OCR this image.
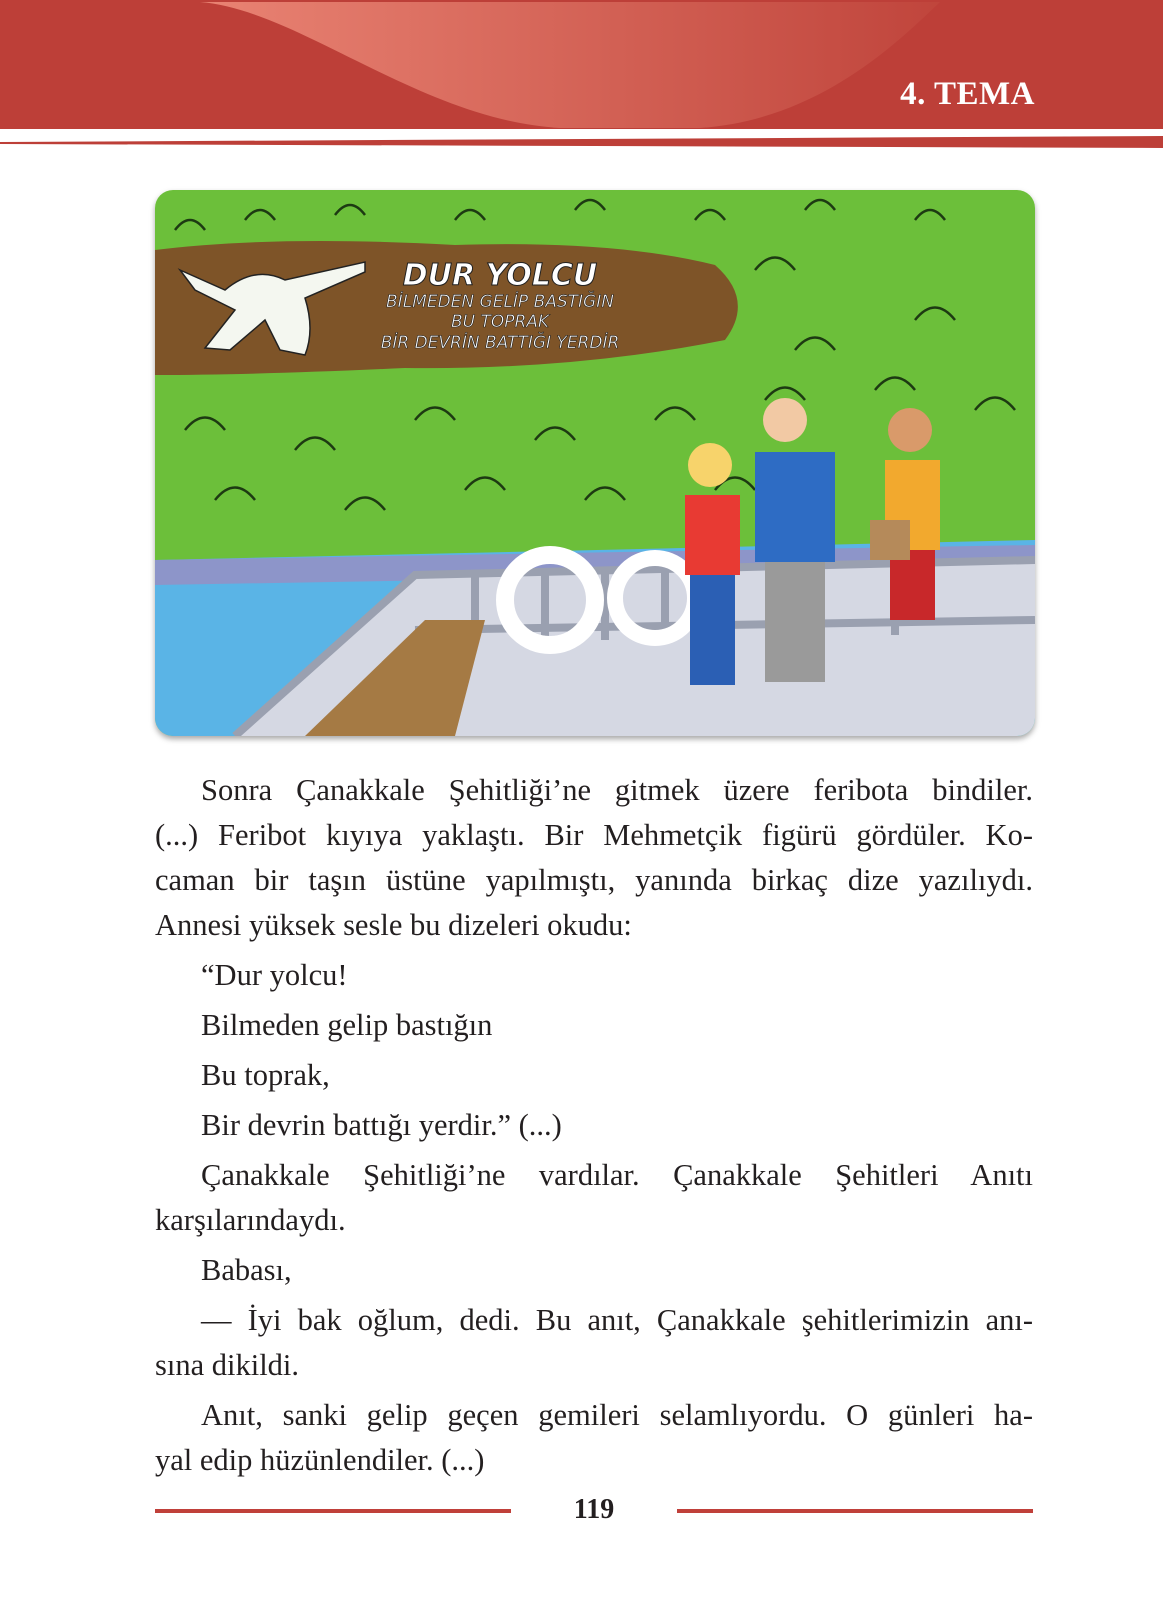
4. TEMA
DUR YOLCU
BİLMEDEN GELİP BASTIĞIN
BU TOPRAK
BİR DEVRİN BATTIĞI YERDİR
Sonra Çanakkale Şehitliği’ne gitmek üzere feribota bindiler.
(...) Feribot kıyıya yaklaştı. Bir Mehmetçik figürü gördüler. Ko-
caman bir taşın üstüne yapılmıştı, yanında birkaç dize yazılıydı.
Annesi yüksek sesle bu dizeleri okudu:
“Dur yolcu!
Bilmeden gelip bastığın
Bu toprak,
Bir devrin battığı yerdir.” (...)
Çanakkale Şehitliği’ne vardılar. Çanakkale Şehitleri Anıtı
karşılarındaydı.
Babası,
— İyi bak oğlum, dedi. Bu anıt, Çanakkale şehitlerimizin anı-
sına dikildi.
Anıt, sanki gelip geçen gemileri selamlıyordu. O günleri ha-
yal edip hüzünlendiler. (...)
119
